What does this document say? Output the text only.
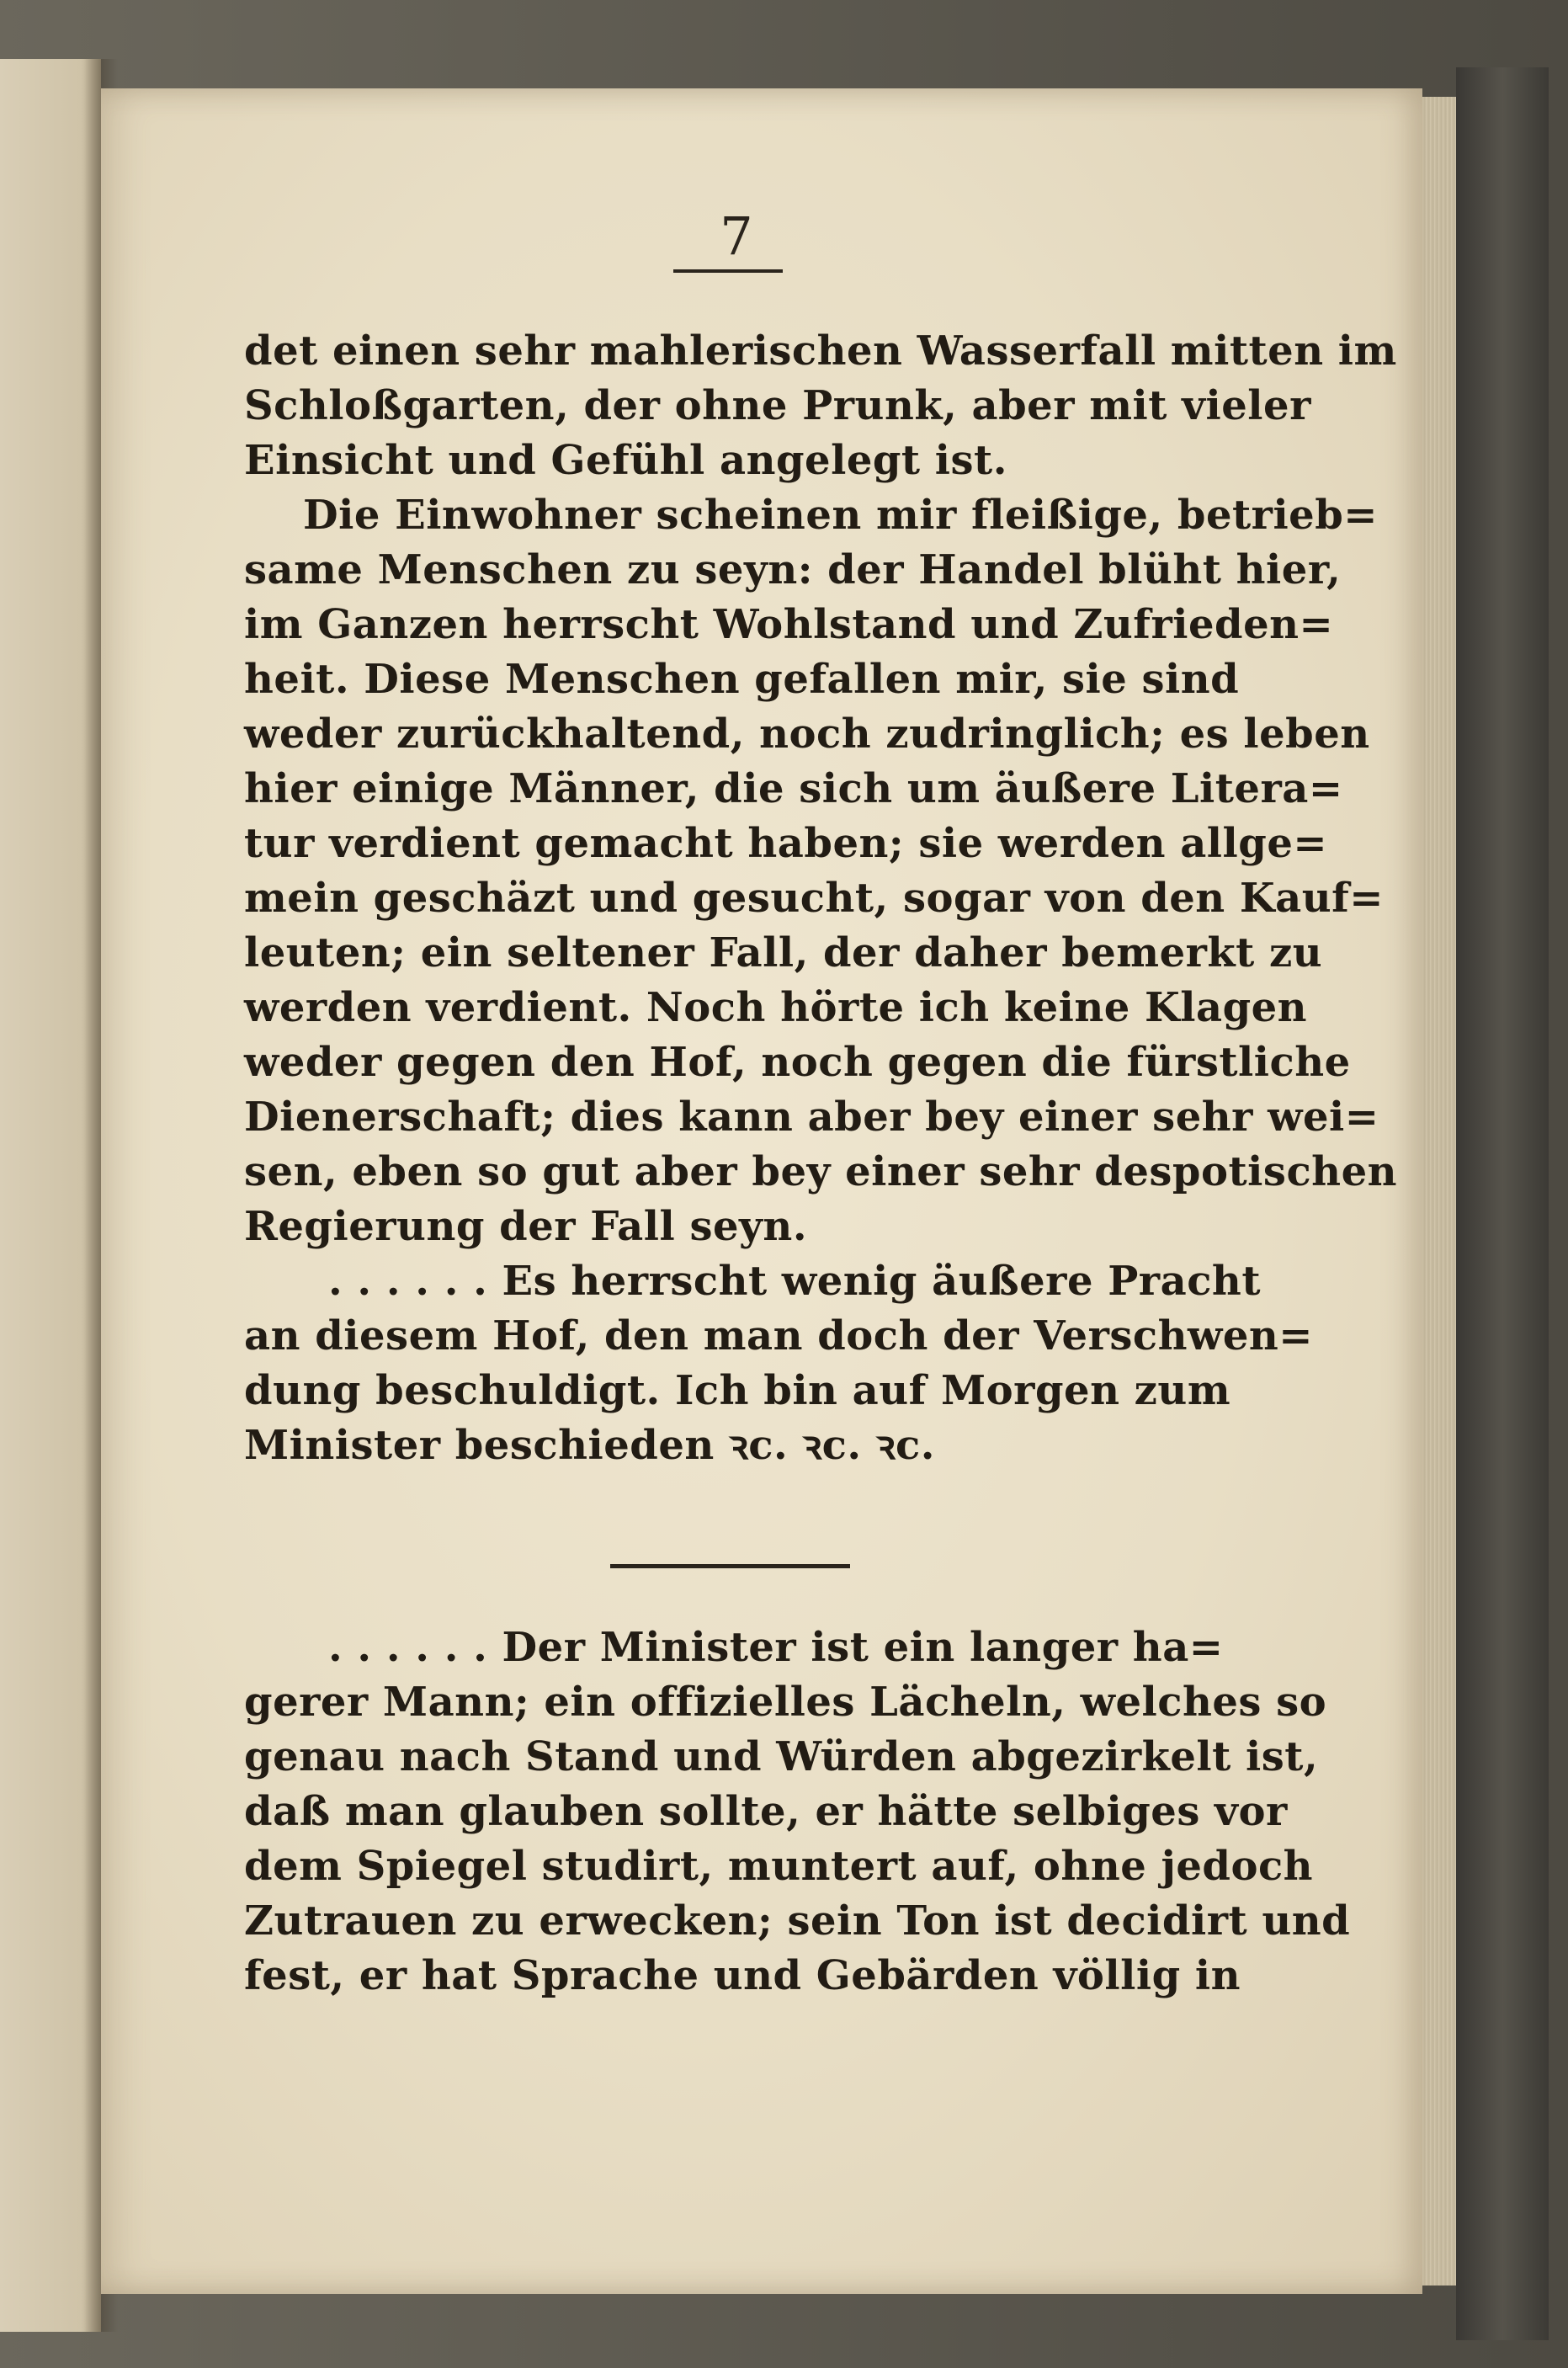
7
det einen sehr mahlerischen Wasserfall mitten im
Schloßgarten, der ohne Prunk, aber mit vieler
Einsicht und Gefühl angelegt ist.
Die Einwohner scheinen mir fleißige, betrieb=
same Menschen zu seyn: der Handel blüht hier,
im Ganzen herrscht Wohlstand und Zufrieden=
heit. Diese Menschen gefallen mir, sie sind
weder zurückhaltend, noch zudringlich; es leben
hier einige Männer, die sich um äußere Litera=
tur verdient gemacht haben; sie werden allge=
mein geschäzt und gesucht, sogar von den Kauf=
leuten; ein seltener Fall, der daher bemerkt zu
werden verdient. Noch hörte ich keine Klagen
weder gegen den Hof, noch gegen die fürstliche
Dienerschaft; dies kann aber bey einer sehr wei=
sen, eben so gut aber bey einer sehr despotischen
Regierung der Fall seyn.
. . . . . . Es herrscht wenig äußere Pracht
an diesem Hof, den man doch der Verschwen=
dung beschuldigt. Ich bin auf Morgen zum
Minister beschieden ꝛc. ꝛc. ꝛc.
. . . . . . Der Minister ist ein langer ha=
gerer Mann; ein offizielles Lächeln, welches so
genau nach Stand und Würden abgezirkelt ist,
daß man glauben sollte, er hätte selbiges vor
dem Spiegel studirt, muntert auf, ohne jedoch
Zutrauen zu erwecken; sein Ton ist decidirt und
fest, er hat Sprache und Gebärden völlig in
